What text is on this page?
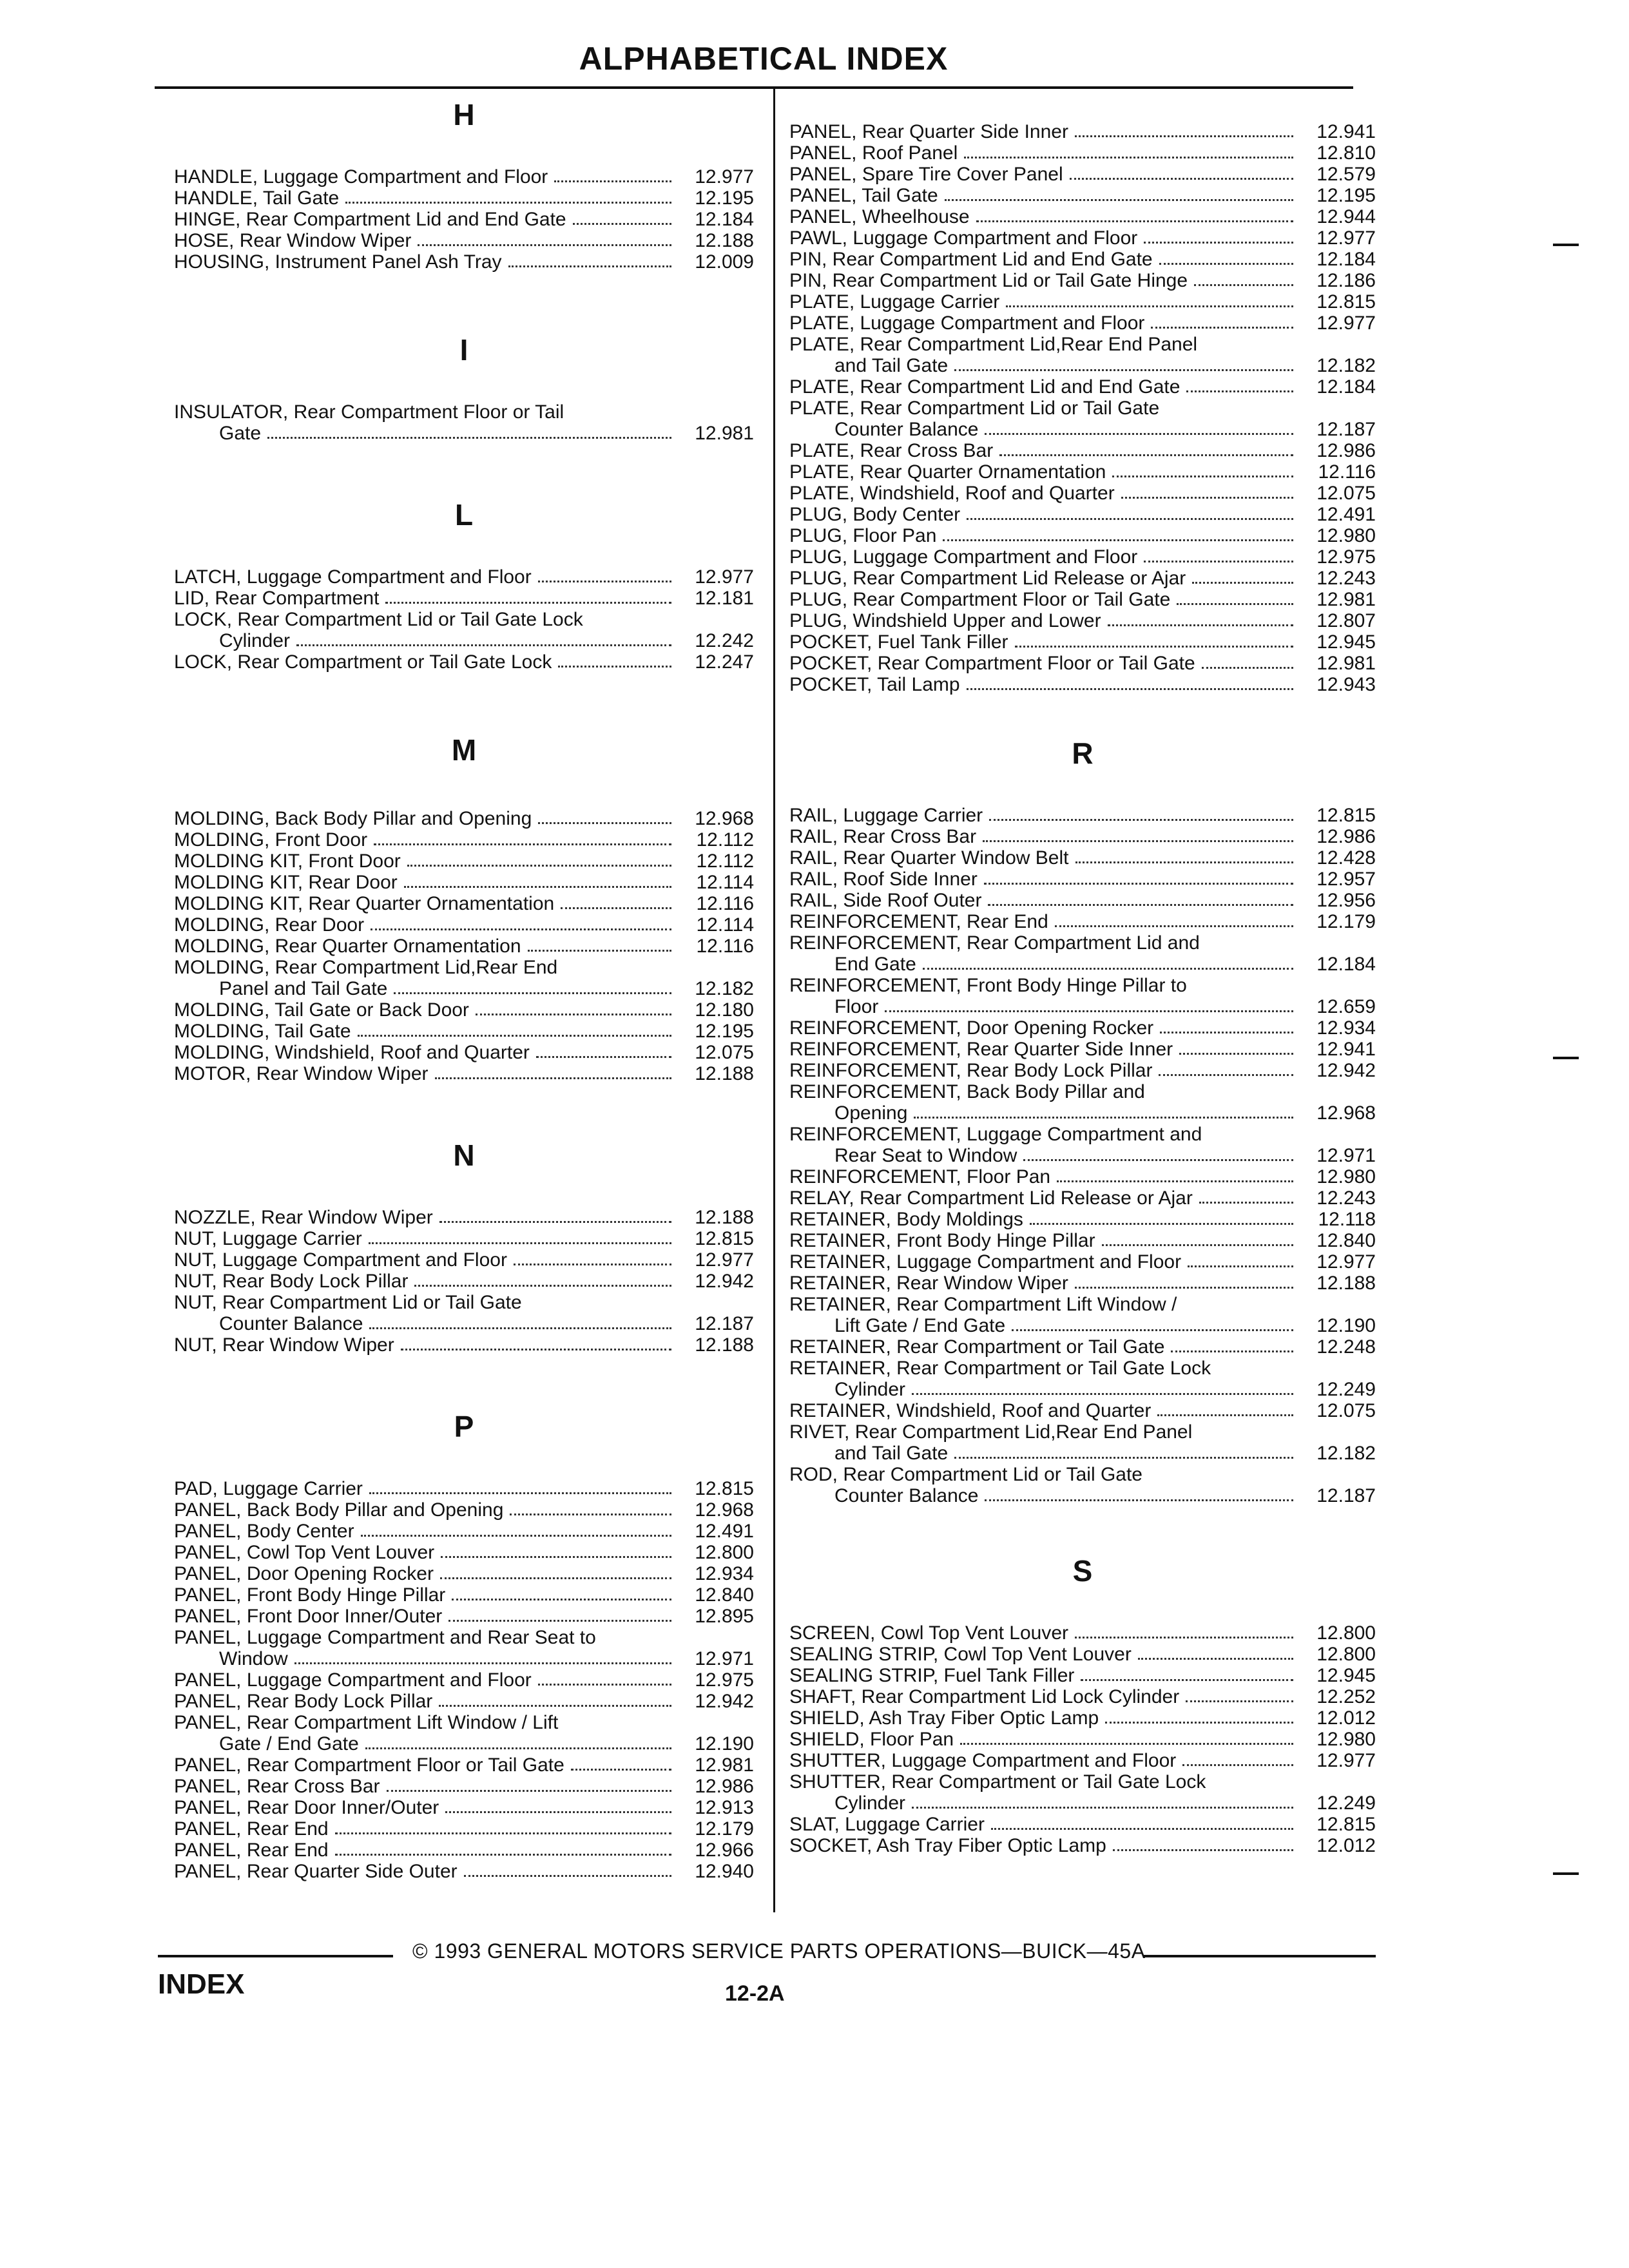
ALPHABETICAL INDEX
H
HANDLE, Luggage Compartment and Floor	12.977
HANDLE, Tail Gate	12.195
HINGE, Rear Compartment Lid and End Gate	12.184
HOSE, Rear Window Wiper	12.188
HOUSING, Instrument Panel Ash Tray	12.009
I
INSULATOR, Rear Compartment Floor or Tail
Gate	12.981
L
LATCH, Luggage Compartment and Floor	12.977
LID, Rear Compartment	12.181
LOCK, Rear Compartment Lid or Tail Gate Lock
Cylinder	12.242
LOCK, Rear Compartment or Tail Gate Lock	12.247
M
MOLDING, Back Body Pillar and Opening	12.968
MOLDING, Front Door	12.112
MOLDING KIT, Front Door	12.112
MOLDING KIT, Rear Door	12.114
MOLDING KIT, Rear Quarter Ornamentation	12.116
MOLDING, Rear Door	12.114
MOLDING, Rear Quarter Ornamentation	12.116
MOLDING, Rear Compartment Lid,Rear End
Panel and Tail Gate	12.182
MOLDING, Tail Gate or Back Door	12.180
MOLDING, Tail Gate	12.195
MOLDING, Windshield, Roof and Quarter	12.075
MOTOR, Rear Window Wiper	12.188
N
NOZZLE, Rear Window Wiper	12.188
NUT, Luggage Carrier	12.815
NUT, Luggage Compartment and Floor	12.977
NUT, Rear Body Lock Pillar	12.942
NUT, Rear Compartment Lid or Tail Gate
Counter Balance	12.187
NUT, Rear Window Wiper	12.188
P
PAD, Luggage Carrier	12.815
PANEL, Back Body Pillar and Opening	12.968
PANEL, Body Center	12.491
PANEL, Cowl Top Vent Louver	12.800
PANEL, Door Opening Rocker	12.934
PANEL, Front Body Hinge Pillar	12.840
PANEL, Front Door Inner/Outer	12.895
PANEL, Luggage Compartment and Rear Seat to
Window	12.971
PANEL, Luggage Compartment and Floor	12.975
PANEL, Rear Body Lock Pillar	12.942
PANEL, Rear Compartment Lift Window / Lift
Gate / End Gate	12.190
PANEL, Rear Compartment Floor or Tail Gate	12.981
PANEL, Rear Cross Bar	12.986
PANEL, Rear Door Inner/Outer	12.913
PANEL, Rear End	12.179
PANEL, Rear End	12.966
PANEL, Rear Quarter Side Outer	12.940
PANEL, Rear Quarter Side Inner	12.941
PANEL, Roof Panel	12.810
PANEL, Spare Tire Cover Panel	12.579
PANEL, Tail Gate	12.195
PANEL, Wheelhouse	12.944
PAWL, Luggage Compartment and Floor	12.977
PIN, Rear Compartment Lid and End Gate	12.184
PIN, Rear Compartment Lid or Tail Gate Hinge	12.186
PLATE, Luggage Carrier	12.815
PLATE, Luggage Compartment and Floor	12.977
PLATE, Rear Compartment Lid,Rear End Panel
and Tail Gate	12.182
PLATE, Rear Compartment Lid and End Gate	12.184
PLATE, Rear Compartment Lid or Tail Gate
Counter Balance	12.187
PLATE, Rear Cross Bar	12.986
PLATE, Rear Quarter Ornamentation	12.116
PLATE, Windshield, Roof and Quarter	12.075
PLUG, Body Center	12.491
PLUG, Floor Pan	12.980
PLUG, Luggage Compartment and Floor	12.975
PLUG, Rear Compartment Lid Release or Ajar	12.243
PLUG, Rear Compartment Floor or Tail Gate	12.981
PLUG, Windshield Upper and Lower	12.807
POCKET, Fuel Tank Filler	12.945
POCKET, Rear Compartment Floor or Tail Gate	12.981
POCKET, Tail Lamp	12.943
R
RAIL, Luggage Carrier	12.815
RAIL, Rear Cross Bar	12.986
RAIL, Rear Quarter Window Belt	12.428
RAIL, Roof Side Inner	12.957
RAIL, Side Roof Outer	12.956
REINFORCEMENT, Rear End	12.179
REINFORCEMENT, Rear Compartment Lid and
End Gate	12.184
REINFORCEMENT, Front Body Hinge Pillar to
Floor	12.659
REINFORCEMENT, Door Opening Rocker	12.934
REINFORCEMENT, Rear Quarter Side Inner	12.941
REINFORCEMENT, Rear Body Lock Pillar	12.942
REINFORCEMENT, Back Body Pillar and
Opening	12.968
REINFORCEMENT, Luggage Compartment and
Rear Seat to Window	12.971
REINFORCEMENT, Floor Pan	12.980
RELAY, Rear Compartment Lid Release or Ajar	12.243
RETAINER, Body Moldings	12.118
RETAINER, Front Body Hinge Pillar	12.840
RETAINER, Luggage Compartment and Floor	12.977
RETAINER, Rear Window Wiper	12.188
RETAINER, Rear Compartment Lift Window /
Lift Gate / End Gate	12.190
RETAINER, Rear Compartment or Tail Gate	12.248
RETAINER, Rear Compartment or Tail Gate Lock
Cylinder	12.249
RETAINER, Windshield, Roof and Quarter	12.075
RIVET, Rear Compartment Lid,Rear End Panel
and Tail Gate	12.182
ROD, Rear Compartment Lid or Tail Gate
Counter Balance	12.187
S
SCREEN, Cowl Top Vent Louver	12.800
SEALING STRIP, Cowl Top Vent Louver	12.800
SEALING STRIP, Fuel Tank Filler	12.945
SHAFT, Rear Compartment Lid Lock Cylinder	12.252
SHIELD, Ash Tray Fiber Optic Lamp	12.012
SHIELD, Floor Pan	12.980
SHUTTER, Luggage Compartment and Floor	12.977
SHUTTER, Rear Compartment or Tail Gate Lock
Cylinder	12.249
SLAT, Luggage Carrier	12.815
SOCKET, Ash Tray Fiber Optic Lamp	12.012
© 1993 GENERAL MOTORS SERVICE PARTS OPERATIONS—BUICK—45A
INDEX	12-2A
